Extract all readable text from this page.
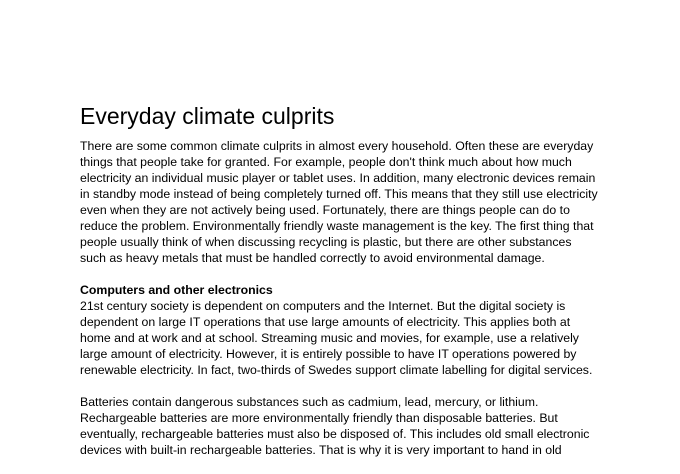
Everyday climate culprits

There are some common climate culprits in almost every household. Often these are everyday things that people take for granted. For example, people don't think much about how much electricity an individual music player or tablet uses. In addition, many electronic devices remain in standby mode instead of being completely turned off. This means that they still use electricity even when they are not actively being used. Fortunately, there are things people can do to reduce the problem. Environmentally friendly waste management is the key. The first thing that people usually think of when discussing recycling is plastic, but there are other substances such as heavy metals that must be handled correctly to avoid environmental damage.

Computers and other electronics

21st century society is dependent on computers and the Internet. But the digital society is dependent on large IT operations that use large amounts of electricity. This applies both at home and at work and at school. Streaming music and movies, for example, use a relatively large amount of electricity. However, it is entirely possible to have IT operations powered by renewable electricity. In fact, two-thirds of Swedes support climate labelling for digital services.

Batteries contain dangerous substances such as cadmium, lead, mercury, or lithium. Rechargeable batteries are more environmentally friendly than disposable batteries. But eventually, rechargeable batteries must also be disposed of. This includes old small electronic devices with built-in rechargeable batteries. That is why it is very important to hand in old
